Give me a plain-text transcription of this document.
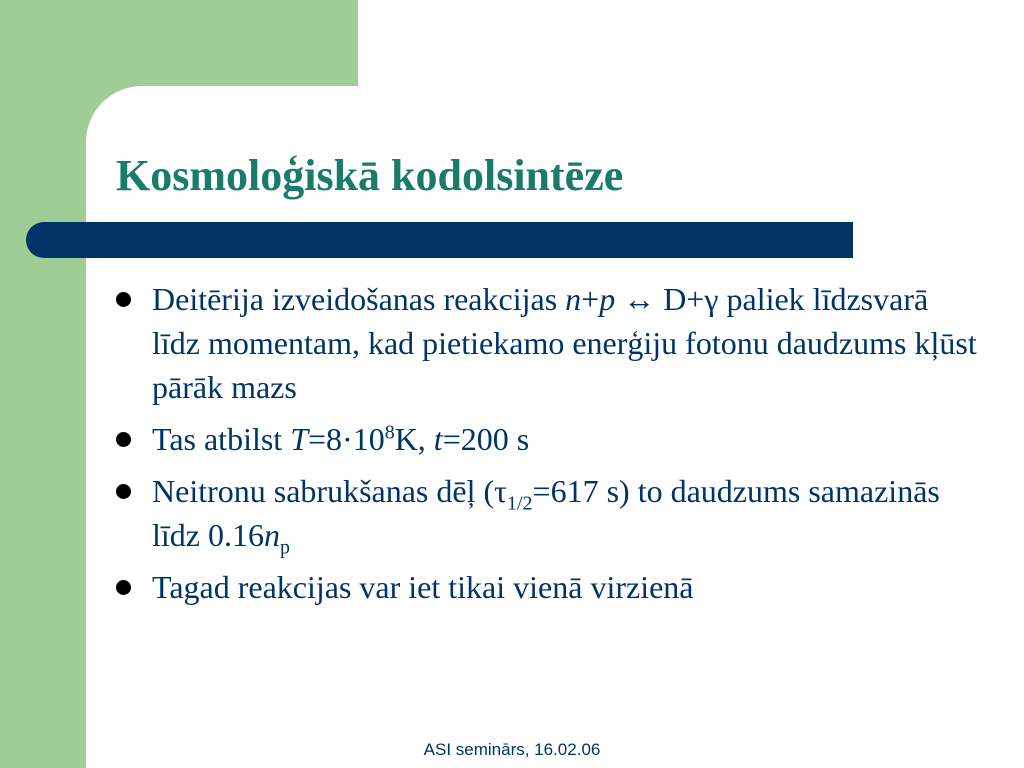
Kosmoloģiskā kodolsintēze
Deitērija izveidošanas reakcijas n+p ↔ D+γ paliek līdzsvarā līdz momentam, kad pietiekamo enerģiju fotonu daudzums kļūst pārāk mazs
Tas atbilst $T=8\cdot 10^8K$, t=200 s
Neitronu sabrukšanas dēļ ($\tau_{1/2}=617$ s) to daudzums samazinās līdz $0.16n_p$
Tagad reakcijas var iet tikai vienā virzienā
ASI seminārs, 16.02.06
